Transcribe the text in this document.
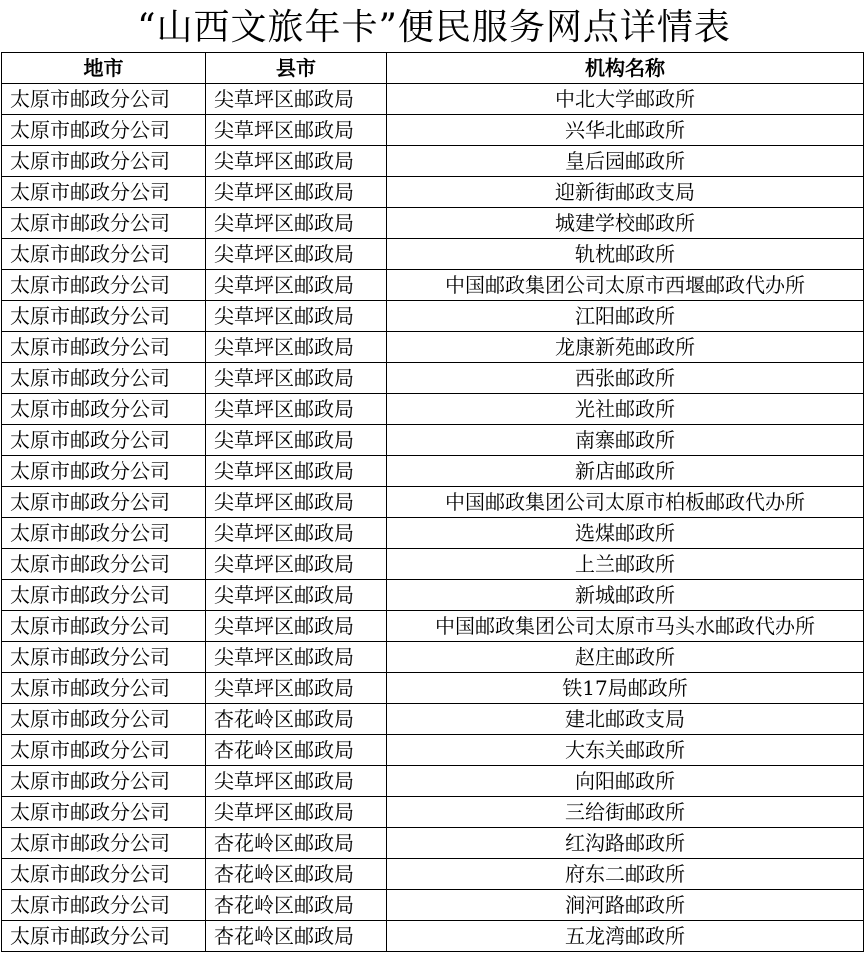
“山西文旅年卡”便民服务网点详情表
地市	县市	机构名称
太原市邮政分公司	尖草坪区邮政局	中北大学邮政所
太原市邮政分公司	尖草坪区邮政局	兴华北邮政所
太原市邮政分公司	尖草坪区邮政局	皇后园邮政所
太原市邮政分公司	尖草坪区邮政局	迎新街邮政支局
太原市邮政分公司	尖草坪区邮政局	城建学校邮政所
太原市邮政分公司	尖草坪区邮政局	轨枕邮政所
太原市邮政分公司	尖草坪区邮政局	中国邮政集团公司太原市西堰邮政代办所
太原市邮政分公司	尖草坪区邮政局	江阳邮政所
太原市邮政分公司	尖草坪区邮政局	龙康新苑邮政所
太原市邮政分公司	尖草坪区邮政局	西张邮政所
太原市邮政分公司	尖草坪区邮政局	光社邮政所
太原市邮政分公司	尖草坪区邮政局	南寨邮政所
太原市邮政分公司	尖草坪区邮政局	新店邮政所
太原市邮政分公司	尖草坪区邮政局	中国邮政集团公司太原市柏板邮政代办所
太原市邮政分公司	尖草坪区邮政局	选煤邮政所
太原市邮政分公司	尖草坪区邮政局	上兰邮政所
太原市邮政分公司	尖草坪区邮政局	新城邮政所
太原市邮政分公司	尖草坪区邮政局	中国邮政集团公司太原市马头水邮政代办所
太原市邮政分公司	尖草坪区邮政局	赵庄邮政所
太原市邮政分公司	尖草坪区邮政局	铁17局邮政所
太原市邮政分公司	杏花岭区邮政局	建北邮政支局
太原市邮政分公司	杏花岭区邮政局	大东关邮政所
太原市邮政分公司	尖草坪区邮政局	向阳邮政所
太原市邮政分公司	尖草坪区邮政局	三给街邮政所
太原市邮政分公司	杏花岭区邮政局	红沟路邮政所
太原市邮政分公司	杏花岭区邮政局	府东二邮政所
太原市邮政分公司	杏花岭区邮政局	涧河路邮政所
太原市邮政分公司	杏花岭区邮政局	五龙湾邮政所
